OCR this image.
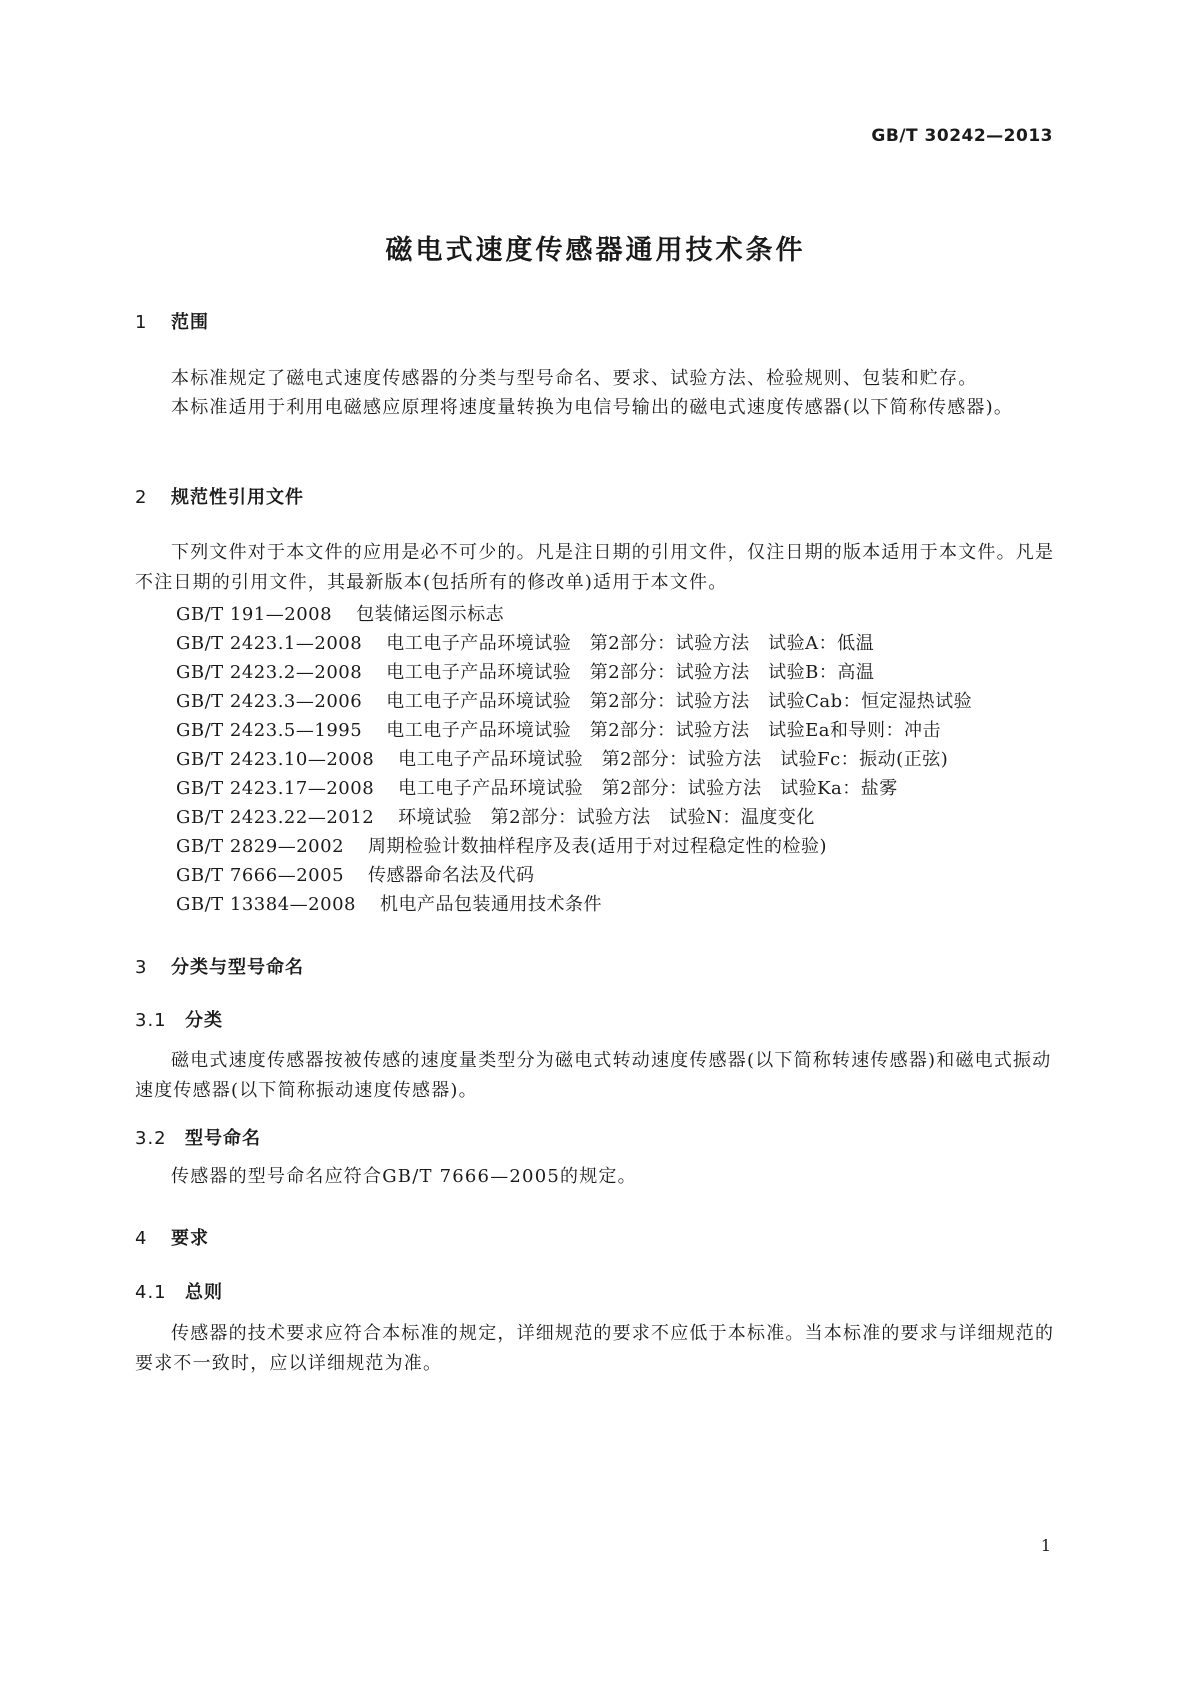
GB/T 30242—2013
磁电式速度传感器通用技术条件
1 范围
本标准规定了磁电式速度传感器的分类与型号命名、要求、试验方法、检验规则、包装和贮存。
本标准适用于利用电磁感应原理将速度量转换为电信号输出的磁电式速度传感器(以下简称传感器)。
2 规范性引用文件
下列文件对于本文件的应用是必不可少的。凡是注日期的引用文件，仅注日期的版本适用于本文件。凡是不注日期的引用文件，其最新版本(包括所有的修改单)适用于本文件。
GB/T 191—2008 包装储运图示标志
GB/T 2423.1—2008 电工电子产品环境试验　第2部分：试验方法　试验A：低温
GB/T 2423.2—2008 电工电子产品环境试验　第2部分：试验方法　试验B：高温
GB/T 2423.3—2006 电工电子产品环境试验　第2部分：试验方法　试验Cab：恒定湿热试验
GB/T 2423.5—1995 电工电子产品环境试验　第2部分：试验方法　试验Ea和导则：冲击
GB/T 2423.10—2008 电工电子产品环境试验　第2部分：试验方法　试验Fc：振动(正弦)
GB/T 2423.17—2008 电工电子产品环境试验　第2部分：试验方法　试验Ka：盐雾
GB/T 2423.22—2012 环境试验　第2部分：试验方法　试验N：温度变化
GB/T 2829—2002 周期检验计数抽样程序及表(适用于对过程稳定性的检验)
GB/T 7666—2005 传感器命名法及代码
GB/T 13384—2008 机电产品包装通用技术条件
3 分类与型号命名
3.1 分类
磁电式速度传感器按被传感的速度量类型分为磁电式转动速度传感器(以下简称转速传感器)和磁电式振动速度传感器(以下简称振动速度传感器)。
3.2 型号命名
传感器的型号命名应符合GB/T 7666—2005的规定。
4 要求
4.1 总则
传感器的技术要求应符合本标准的规定，详细规范的要求不应低于本标准。当本标准的要求与详细规范的要求不一致时，应以详细规范为准。
1
